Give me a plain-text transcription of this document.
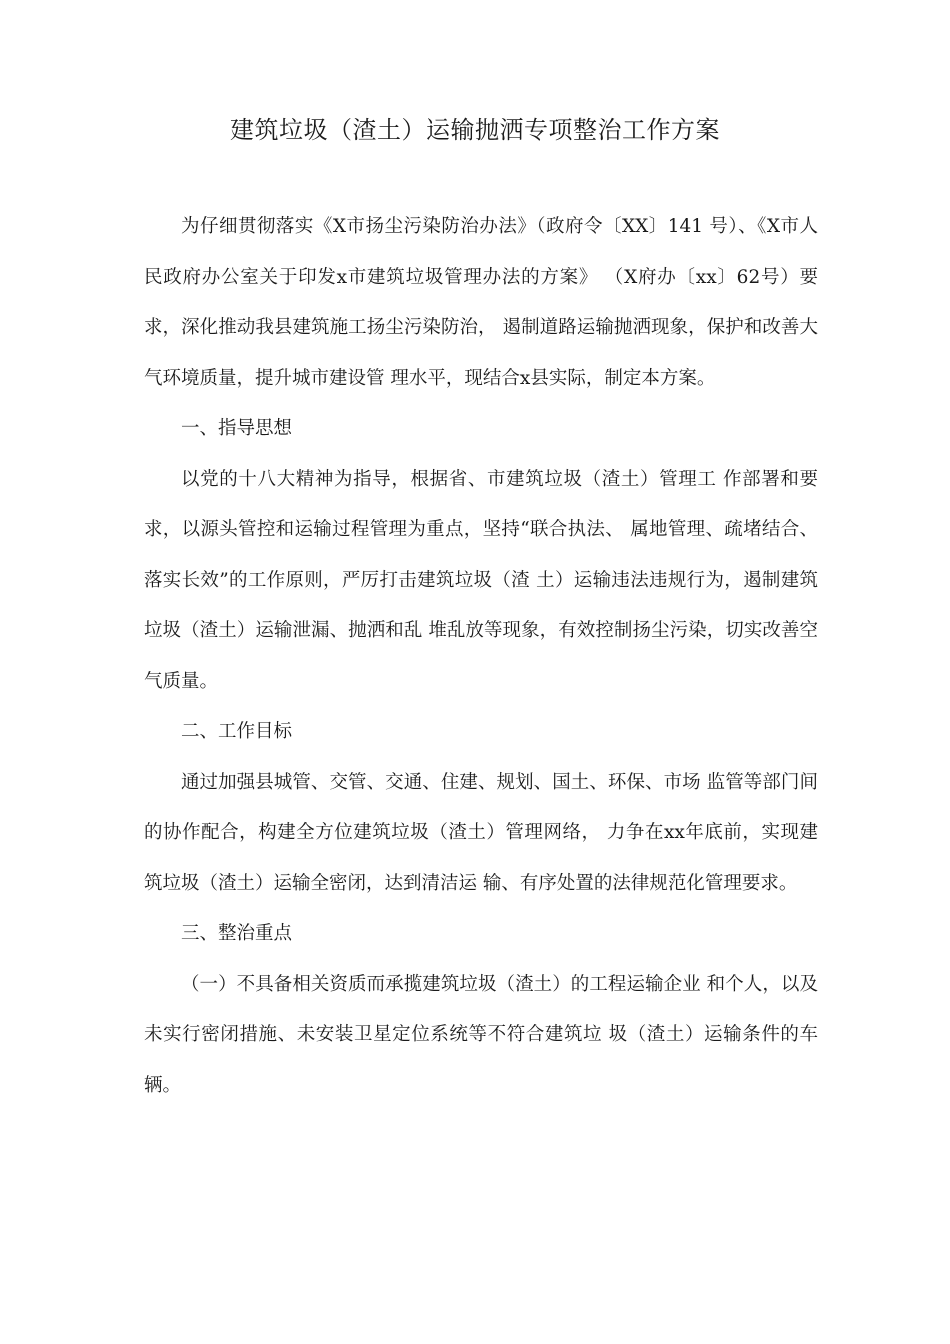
建筑垃圾（渣土）运输抛洒专项整治工作方案

为仔细贯彻落实《X市扬尘污染防治办法》（政府令〔XX〕141 号）、《X市人民政府办公室关于印发x市建筑垃圾管理办法的方案》 （X府办〔xx〕62号）要求，深化推动我县建筑施工扬尘污染防治， 遏制道路运输抛洒现象，保护和改善大气环境质量，提升城市建设管 理水平，现结合x县实际，制定本方案。

一、指导思想

以党的十八大精神为指导，根据省、市建筑垃圾（渣土）管理工 作部署和要求，以源头管控和运输过程管理为重点，坚持“联合执法、 属地管理、疏堵结合、落实长效”的工作原则，严厉打击建筑垃圾（渣 土）运输违法违规行为，遏制建筑垃圾（渣土）运输泄漏、抛洒和乱 堆乱放等现象，有效控制扬尘污染，切实改善空气质量。

二、工作目标

通过加强县城管、交管、交通、住建、规划、国土、环保、市场 监管等部门间的协作配合，构建全方位建筑垃圾（渣土）管理网络， 力争在xx年底前，实现建筑垃圾（渣土）运输全密闭，达到清洁运 输、有序处置的法律规范化管理要求。

三、整治重点

（一）不具备相关资质而承揽建筑垃圾（渣土）的工程运输企业 和个人，以及未实行密闭措施、未安装卫星定位系统等不符合建筑垃 圾（渣土）运输条件的车辆。
